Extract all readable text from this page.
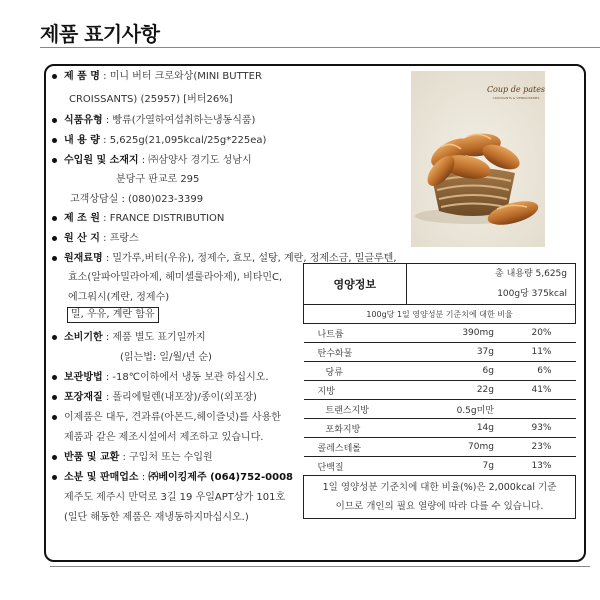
제품 표기사항
제 품 명 : 미니 버터 크로와상(MINI BUTTER
CROISSANTS) (25957) [버터26%]
식품유형 : 빵류(가열하여섭취하는냉동식품)
내 용 량 : 5,625g(21,095kcal/25g*225ea)
수입원 및 소재지 : ㈜삼양사 경기도 성남시
분당구 판교로 295
고객상담실 : (080)023-3399
제 조 원 : FRANCE DISTRIBUTION
원 산 지 : 프랑스
원재료명 : 밀가루,버터(우유), 정제수, 효모, 설탕, 계란, 정제소금, 밀글루텐,
효소(알파아밀라아제, 헤미셀룰라아제), 비타민C,
에그워시(계란, 정제수)
밀, 우유, 계란 함유
소비기한 : 제품 별도 표기일까지
(읽는법: 일/월/년 순)
보관방법 : -18℃이하에서 냉동 보관 하십시오.
포장재질 : 폴리에틸렌(내포장)/종이(외포장)
이제품은 대두, 견과류(아몬드,헤이즐넛)를 사용한
제품과 같은 제조시설에서 제조하고 있습니다.
반품 및 교환 : 구입처 또는 수입원
소분 및 판매업소 : ㈜베이킹제주 (064)752-0008
제주도 제주시 만덕로 3길 19 우일APT상가 101호
(일단 해동한 제품은 재냉동하지마십시오.)
Coup de pates
CROISSANTS & VIENNOISERIES
영양정보	총 내용량 5,625g	
	100g당 375kcal	
100g당 1일 영양성분 기준치에 대한 비율		
나트륨	390mg	20%
탄수화물	37g	11%
당류	6g	6%
지방	22g	41%
트랜스지방	0.5g미만	
포화지방	14g	93%
콜레스테롤	70mg	23%
단백질	7g	13%

1일 영양성분 기준치에 대한 비율(%)은 2,000kcal 기준
이므로 개인의 필요 열량에 따라 다를 수 있습니다.		
